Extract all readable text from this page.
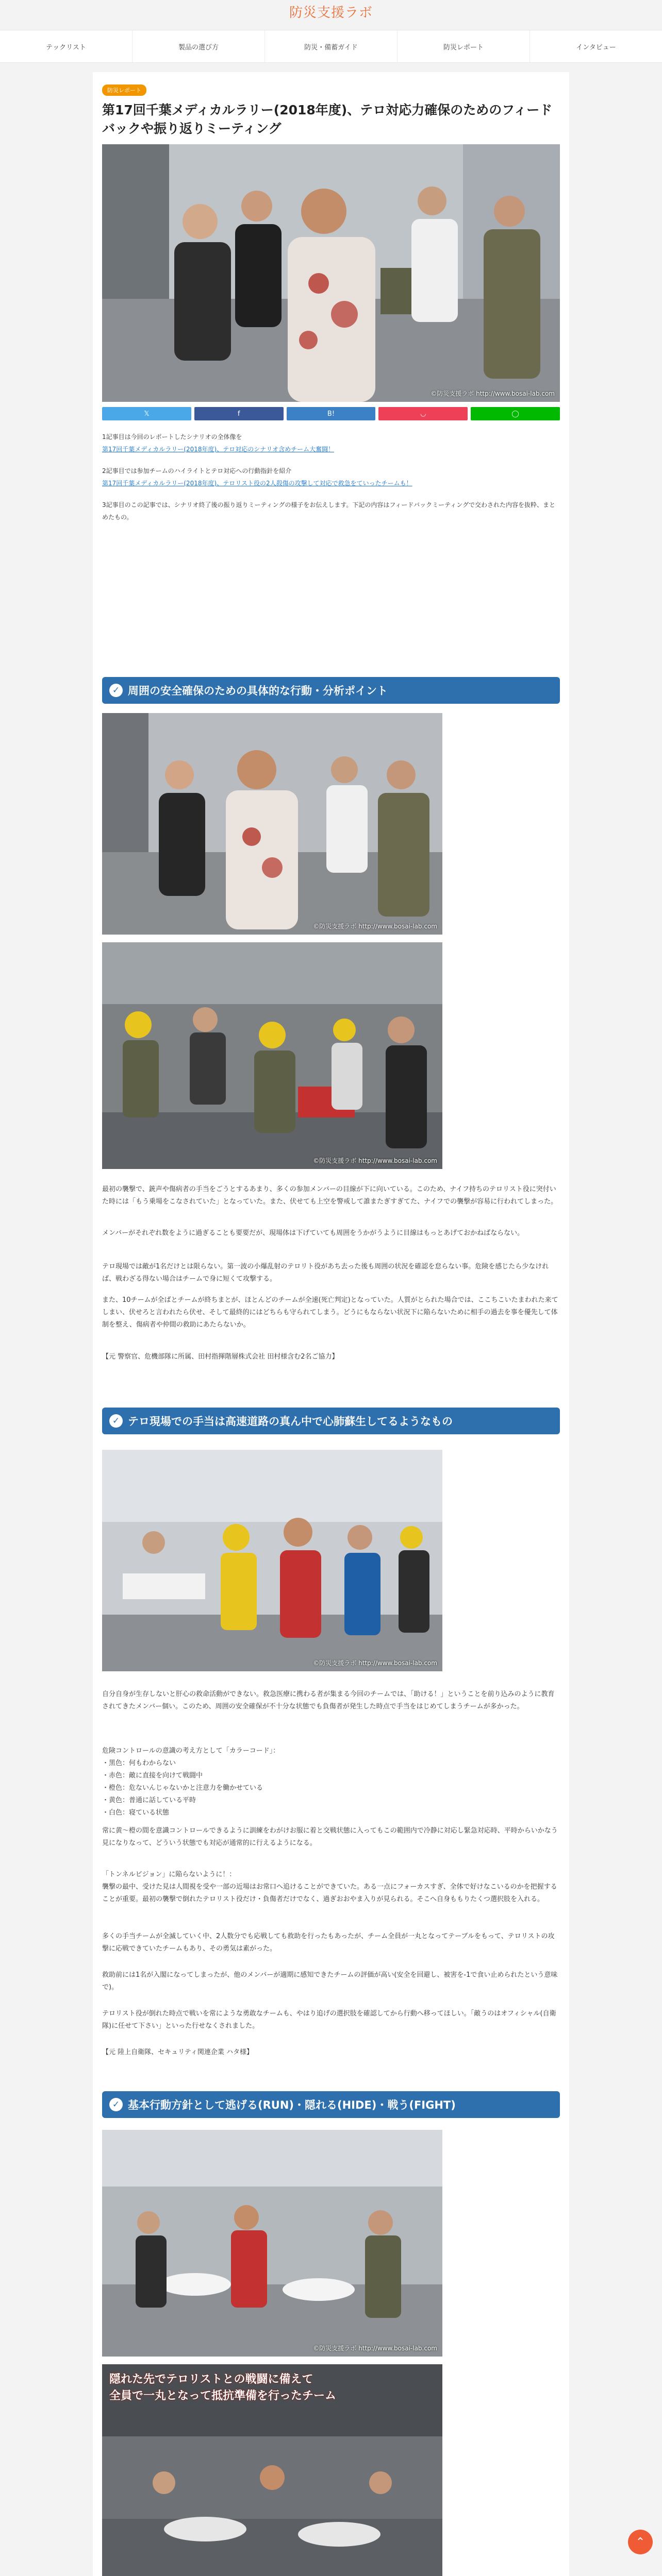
防災支援ラボ
テックリスト	製品の選び方	防災・備蓄ガイド	防災レポート	インタビュー
防災レポート
第17回千葉メディカルラリー(2018年度)、テロ対応力確保のためのフィードバックや振り返りミーティング
©防災支援ラボ http://www.bosai-lab.com
𝕏	f	B!	◡	◯

1記事目は今回のレポートしたシナリオの全体像を
第17回千葉メディカルラリー(2018年度)、テロ対応のシナリオ含めチーム大奮闘！

2記事目では参加チームのハイライトとテロ対応への行動指針を紹介
第17回千葉メディカルラリー(2018年度)、テロリスト役の2人殺傷の攻撃して対応で救急をていったチームも！

3記事目のこの記事では、シナリオ終了後の振り返りミーティングの様子をお伝えします。下記の内容はフィードバックミーティングで交わされた内容を抜粋、まとめたもの。

✓ 周囲の安全確保のための具体的な行動・分析ポイント
©防災支援ラボ http://www.bosai-lab.com
©防災支援ラボ http://www.bosai-lab.com

最初の襲撃で、銃声や傷病者の手当をごうとするあまり、多くの参加メンバーの目線が下に向いている。このため、ナイフ持ちのテロリスト役に突付いた時には「もう乗場をこなされていた」となっていた。また、伏せても上空を警戒して誰またぎすぎてた、ナイフでの襲撃が容易に行われてしまった。

メンバーがそれぞれ数をように過ぎることも要要だが、現場体は下げていても周囲をうかがうように目線はもっとあげておかねばならない。

テロ現場では敵が1名だけとは限らない。第一波の小爆乱射のテロリト役があち去った後も周囲の状況を確認を怠らない事。危険を感じたら少なければ、戦わざる得ない場合はチームで身に短くて攻撃する。

また、10チームが全ばとチームが終ちまとが、ほとんどのチームが全速(死亡判定)となっていた。人質がとられた場合では、ここちこいたまわれた来てしまい、伏せろと言われたら伏せ、そして最終的にはどちらも守られてしまう。どうにもならない状況下に陥らないために相手の過去を事を優先して体制を整え、傷病者や仲間の救助にあたらないか。

【元 警察官、危機部隊に所属、田村指揮階層株式会社 田村様含む2名ご協力】

✓ テロ現場での手当は高速道路の真ん中で心肺蘇生してるようなもの
©防災支援ラボ http://www.bosai-lab.com

自分自身が生存しないと肝心の救命活動ができない。救急医療に携わる者が集まる今回のチームでは、「助ける！」ということを前り込みのように教育されてきたメンバー個い。このため、周囲の安全確保が不十分な状態でも負傷者が発生した時点で手当をはじめてしまうチームが多かった。

危険コントロールの意識の考え方として「カラーコード」：
・黒色：何もわからない
・赤色：敵に直接を向けて戦闘中
・橙色：危ないんじゃないかと注意力を働かせている
・黄色：普通に話している平時
・白色：寝ている状態

常に黄〜橙の間を意識コントロールできるように訓練をわがけお服に着と交戦状態に入ってもこの範囲内で冷静に対応し緊急対応時、平時からいかなう見になりなって、どういう状態でも対応が通常的に行えるようになる。

「トンネルビジョン」に陥らないように！：
襲撃の最中、受けた見は人間視を受や一部の近場はお常口へ追けることができていた。ある一点にフォーカスすぎ、全体で好けなこいるのかを把握することが重要。最初の襲撃で倒れたテロリスト役だけ・負傷者だけでなく、過ぎおおやま入りが見られる。そこへ自身ももりたくつ選択肢を入れる。

多くの手当チームが全滅していく中、2人数分でも応戦しても救助を行ったもあったが、チーム全員が一丸となってテーブルをもって、テロリストの攻撃に応戦できていたチームもあり、その勇気は素がった。

救助前には1名が入閣になってしまったが、他のメンバーが適期に感知できたチームの評価が高い(安全を回避し、被害を-1で食い止められたという意味で)。

テロリスト役が倒れた時点で戦いを常にような勇敢なチームも、やはり追げの選択肢を確認してから行動へ移ってほしい。「敵うのはオフィシャル(自衛隊)に任せて下さい」といった行せなくされました。

【元 陸上自衛隊、セキュリティ関連企業 ハタ様】

✓ 基本行動方針として逃げる(RUN)・隠れる(HIDE)・戦う(FIGHT)
©防災支援ラボ http://www.bosai-lab.com
隠れた先でテロリストとの戦闘に備えて
全員で一丸となって抵抗準備を行ったチーム

⌃
